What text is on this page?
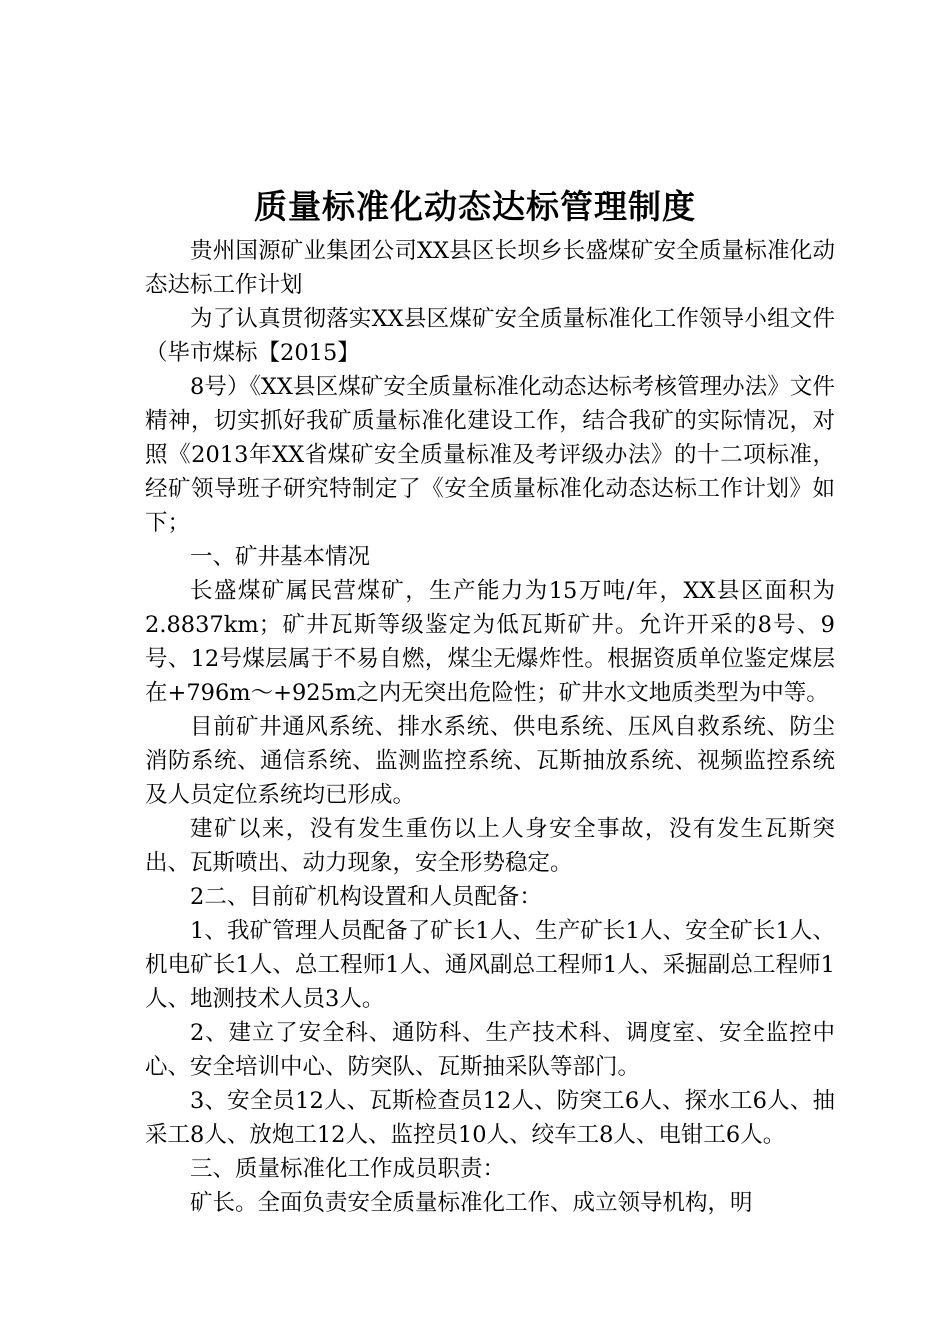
质量标准化动态达标管理制度

贵州国源矿业集团公司XX县区长坝乡长盛煤矿安全质量标准化动态达标工作计划

为了认真贯彻落实XX县区煤矿安全质量标准化工作领导小组文件（毕市煤标【2015】

8号）《XX县区煤矿安全质量标准化动态达标考核管理办法》文件精神，切实抓好我矿质量标准化建设工作，结合我矿的实际情况，对照《2013年XX省煤矿安全质量标准及考评级办法》的十二项标准，经矿领导班子研究特制定了《安全质量标准化动态达标工作计划》如下；

一、矿井基本情况

长盛煤矿属民营煤矿，生产能力为15万吨/年，XX县区面积为2.8837km；矿井瓦斯等级鉴定为低瓦斯矿井。允许开采的8号、9号、12号煤层属于不易自燃，煤尘无爆炸性。根据资质单位鉴定煤层在+796m～+925m之内无突出危险性；矿井水文地质类型为中等。

目前矿井通风系统、排水系统、供电系统、压风自救系统、防尘消防系统、通信系统、监测监控系统、瓦斯抽放系统、视频监控系统及人员定位系统均已形成。

建矿以来，没有发生重伤以上人身安全事故，没有发生瓦斯突出、瓦斯喷出、动力现象，安全形势稳定。

2二、目前矿机构设置和人员配备：

1、我矿管理人员配备了矿长1人、生产矿长1人、安全矿长1人、机电矿长1人、总工程师1人、通风副总工程师1人、采掘副总工程师1人、地测技术人员3人。

2、建立了安全科、通防科、生产技术科、调度室、安全监控中心、安全培训中心、防突队、瓦斯抽采队等部门。

3、安全员12人、瓦斯检查员12人、防突工6人、探水工6人、抽采工8人、放炮工12人、监控员10人、绞车工8人、电钳工6人。

三、质量标准化工作成员职责：

矿长。全面负责安全质量标准化工作、成立领导机构，明
